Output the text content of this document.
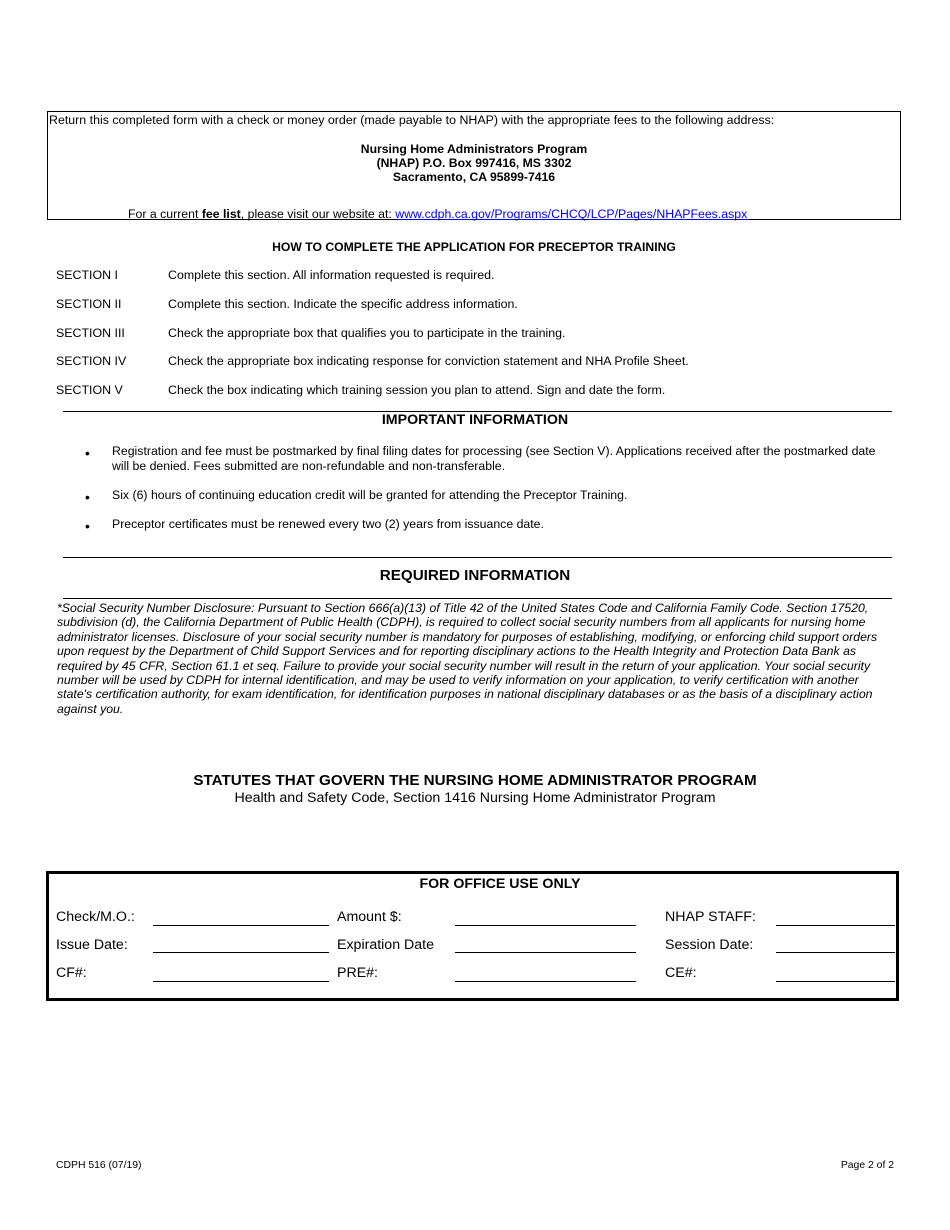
Return this completed form with a check or money order (made payable to NHAP) with the appropriate fees to the following address:
Nursing Home Administrators Program
(NHAP) P.O. Box 997416, MS 3302
Sacramento, CA 95899-7416
For a current fee list, please visit our website at: www.cdph.ca.gov/Programs/CHCQ/LCP/Pages/NHAPFees.aspx
HOW TO COMPLETE THE APPLICATION FOR PRECEPTOR TRAINING
SECTION I	Complete this section. All information requested is required.
SECTION II	Complete this section. Indicate the specific address information.
SECTION III	Check the appropriate box that qualifies you to participate in the training.
SECTION IV	Check the appropriate box indicating response for conviction statement and NHA Profile Sheet.
SECTION V	Check the box indicating which training session you plan to attend. Sign and date the form.
IMPORTANT INFORMATION
• Registration and fee must be postmarked by final filing dates for processing (see Section V). Applications received after the postmarked date will be denied. Fees submitted are non-refundable and non-transferable.
• Six (6) hours of continuing education credit will be granted for attending the Preceptor Training.
• Preceptor certificates must be renewed every two (2) years from issuance date.
REQUIRED INFORMATION
*Social Security Number Disclosure: Pursuant to Section 666(a)(13) of Title 42 of the United States Code and California Family Code. Section 17520, subdivision (d), the California Department of Public Health (CDPH), is required to collect social security numbers from all applicants for nursing home administrator licenses. Disclosure of your social security number is mandatory for purposes of establishing, modifying, or enforcing child support orders upon request by the Department of Child Support Services and for reporting disciplinary actions to the Health Integrity and Protection Data Bank as required by 45 CFR, Section 61.1 et seq. Failure to provide your social security number will result in the return of your application. Your social security number will be used by CDPH for internal identification, and may be used to verify information on your application, to verify certification with another state's certification authority, for exam identification, for identification purposes in national disciplinary databases or as the basis of a disciplinary action against you.
STATUTES THAT GOVERN THE NURSING HOME ADMINISTRATOR PROGRAM
Health and Safety Code, Section 1416 Nursing Home Administrator Program
FOR OFFICE USE ONLY
Check/M.O.:	Amount $:	NHAP STAFF:
Issue Date:	Expiration Date	Session Date:
CF#:	PRE#:	CE#:
CDPH 516 (07/19)	Page 2 of 2
